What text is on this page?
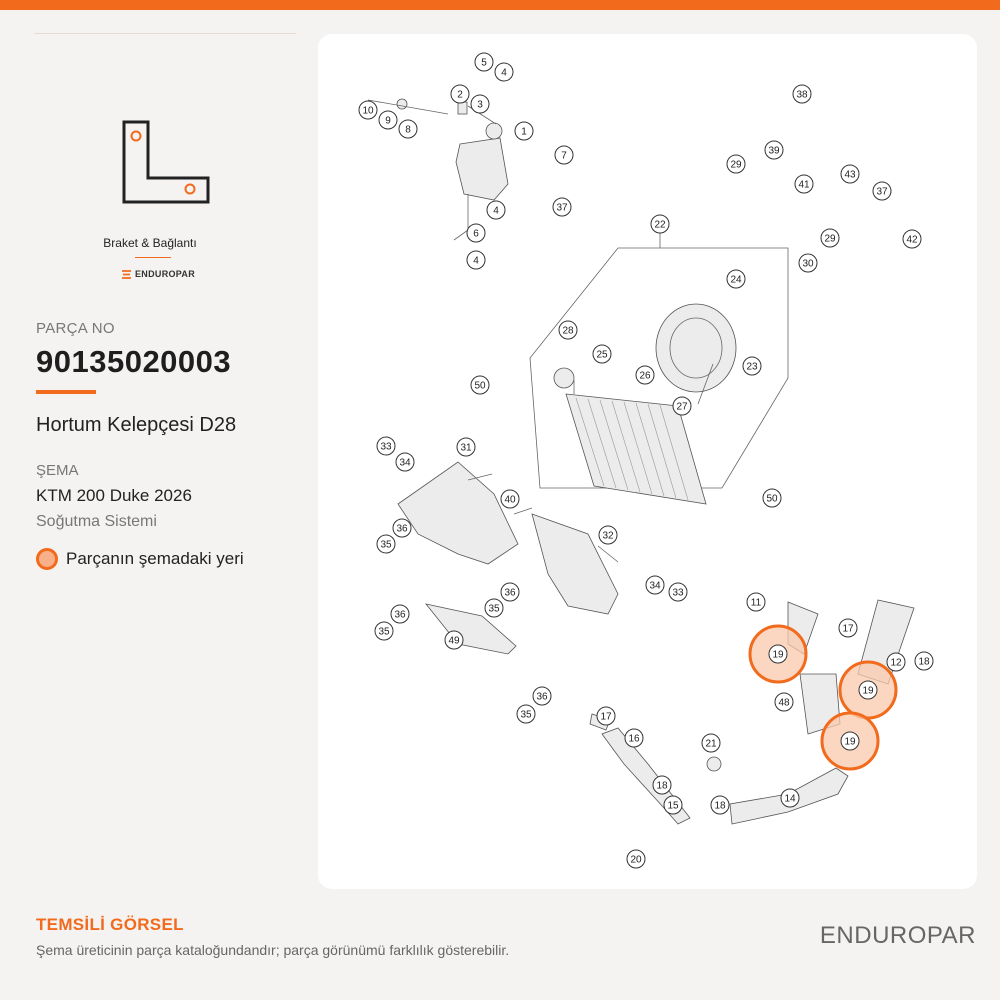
Braket & Bağlantı
ENDUROPAR
PARÇA NO
90135020003
Hortum Kelepçesi D28
ŞEMA
KTM 200 Duke 2026
Soğutma Sistemi
Parçanın şemadaki yeri
5
4
2
3
1
10
9
8
7
37
4
6
4
38
39
29
41
43
37
29	42
30
22
24
28
25
23
26
27
50
50
33
34
31
40
32
36
35
34
33
36
35
36
35
49
11
17
12 18
48
36
35	17
16	21
18
15	18
14
20
19
19
19
TEMSİLİ GÖRSEL
Şema üreticinin parça kataloğundandır; parça görünümü farklılık gösterebilir.
ENDUROPAR
